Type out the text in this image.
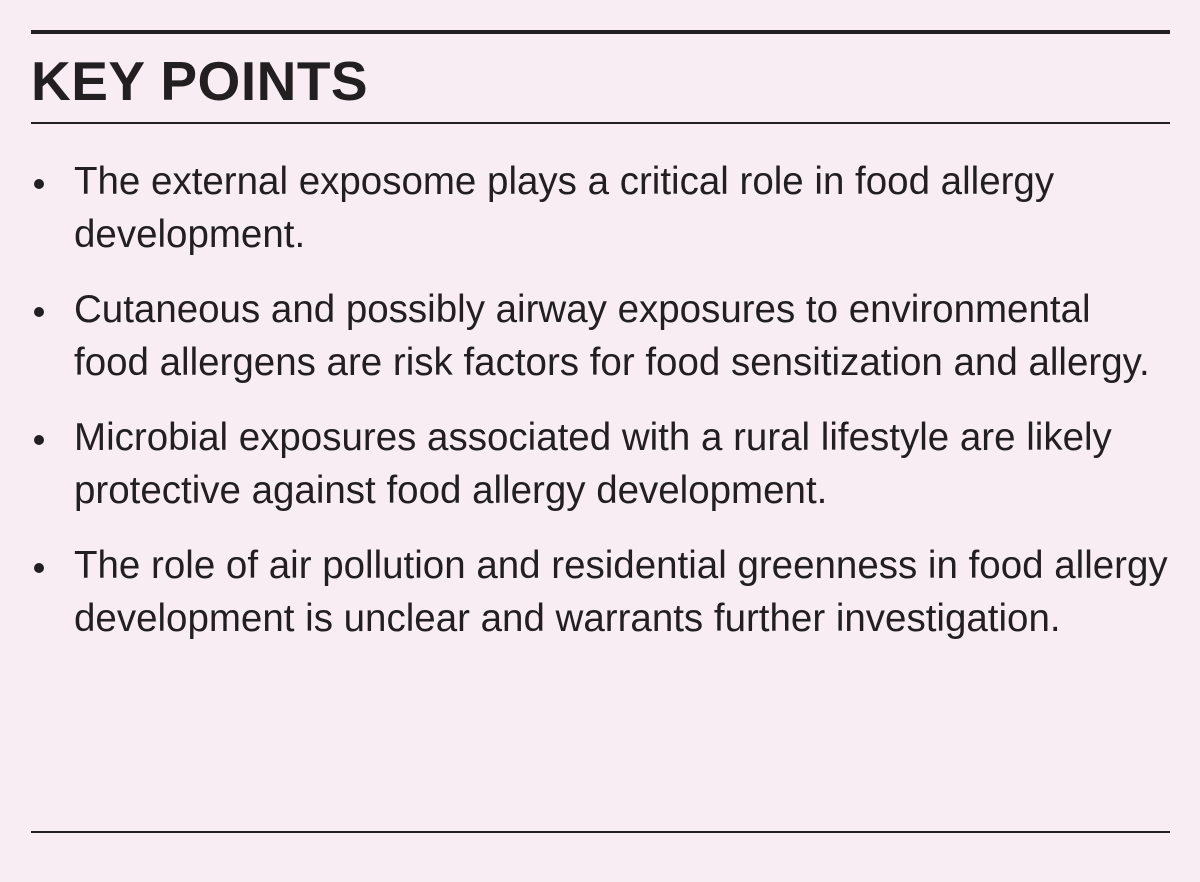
KEY POINTS
The external exposome plays a critical role in food allergy development.
Cutaneous and possibly airway exposures to environmental food allergens are risk factors for food sensitization and allergy.
Microbial exposures associated with a rural lifestyle are likely protective against food allergy development.
The role of air pollution and residential greenness in food allergy development is unclear and warrants further investigation.
